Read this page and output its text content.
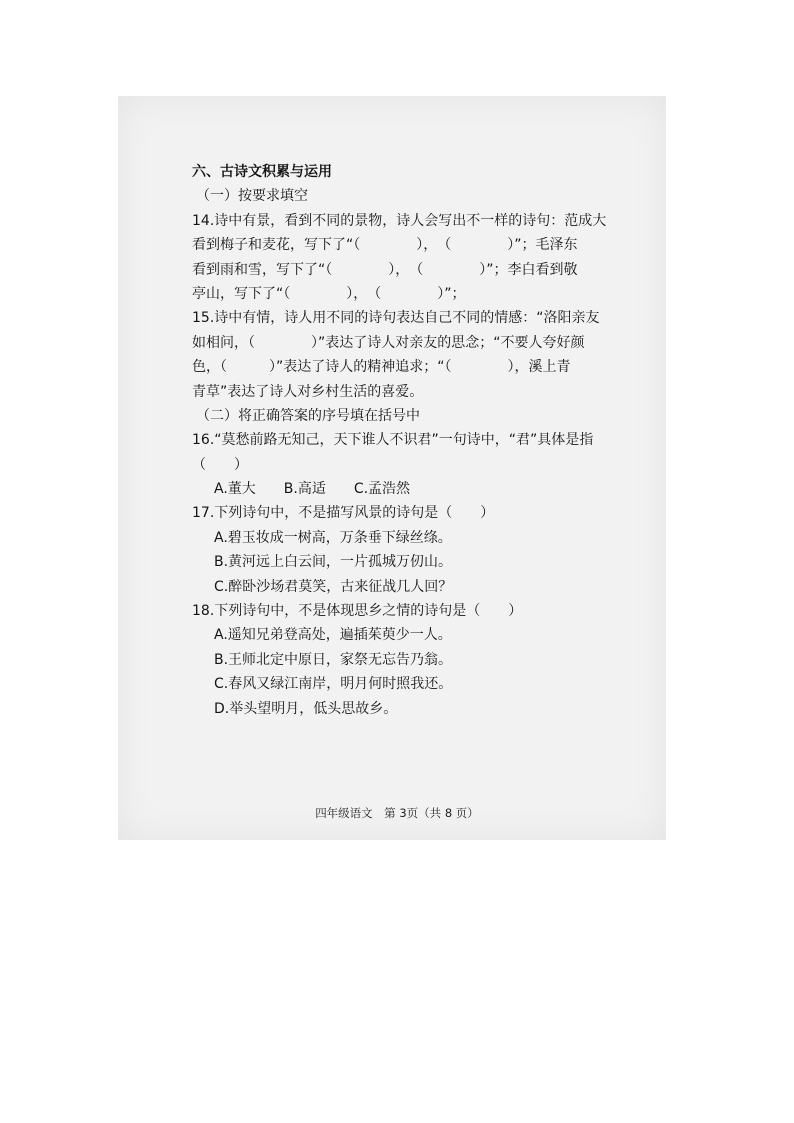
六、古诗文积累与运用
（一）按要求填空
14.诗中有景，看到不同的景物，诗人会写出不一样的诗句：范成大
看到梅子和麦花，写下了“（　　　　），　（　　　　）”；毛泽东
看到雨和雪，写下了“（　　　　），　（　　　　）”；李白看到敬
亭山，写下了“（　　　　），　（　　　　）”；
15.诗中有情，诗人用不同的诗句表达自己不同的情感：“洛阳亲友
如相问，（　　　　）”表达了诗人对亲友的思念；“不要人夸好颜
色，（　　　）”表达了诗人的精神追求；“（　　　　），溪上青
青草”表达了诗人对乡村生活的喜爱。
（二）将正确答案的序号填在括号中
16.“莫愁前路无知己，天下谁人不识君”一句诗中，“君”具体是指
（　　）
A.董大　　B.高适　　C.孟浩然
17.下列诗句中，不是描写风景的诗句是（　　）
A.碧玉妆成一树高，万条垂下绿丝绦。
B.黄河远上白云间，一片孤城万仞山。
C.醉卧沙场君莫笑，古来征战几人回？
18.下列诗句中，不是体现思乡之情的诗句是（　　）
A.遥知兄弟登高处，遍插茱萸少一人。
B.王师北定中原日，家祭无忘告乃翁。
C.春风又绿江南岸，明月何时照我还。
D.举头望明月，低头思故乡。
四年级语文　第 3页（共 8 页）
